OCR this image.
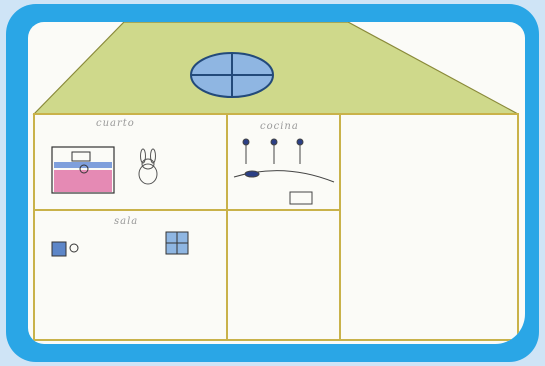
cuarto	cocina
sala
